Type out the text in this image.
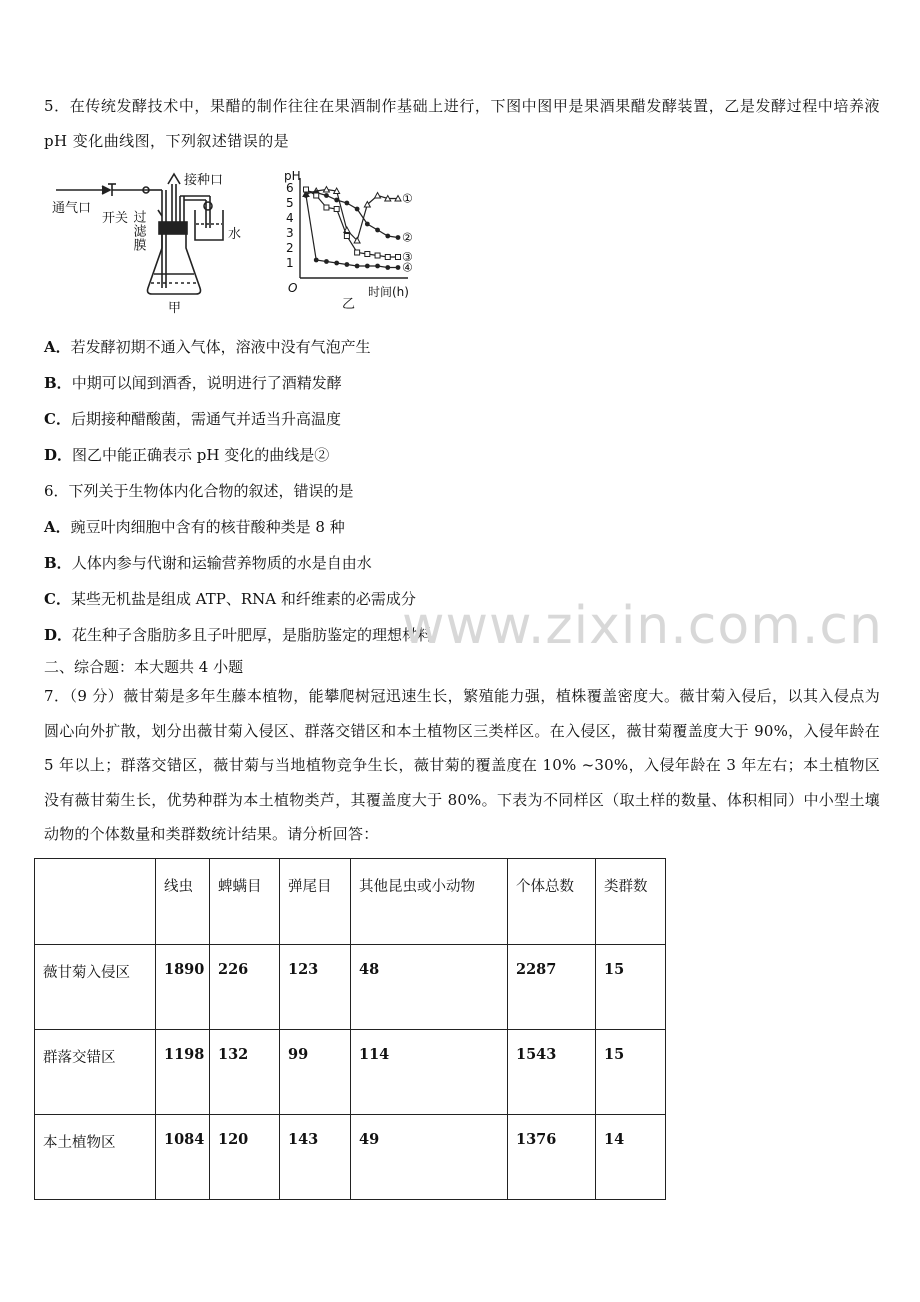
5．在传统发酵技术中，果醋的制作往往在果酒制作基础上进行，下图中图甲是果酒果醋发酵装置，乙是发酵过程中培养液 pH 变化曲线图，下列叙述错误的是
通气口
开关 过滤膜
接种口
水
甲
pH
O
1
2
3
4
5
6
时间(h)
乙
①
②
③
④
A．若发酵初期不通入气体，溶液中没有气泡产生
B．中期可以闻到酒香，说明进行了酒精发酵
C．后期接种醋酸菌，需通气并适当升高温度
D．图乙中能正确表示 pH 变化的曲线是②
6．下列关于生物体内化合物的叙述，错误的是
A．豌豆叶肉细胞中含有的核苷酸种类是 8 种
B．人体内参与代谢和运输营养物质的水是自由水
C．某些无机盐是组成 ATP、RNA 和纤维素的必需成分
D．花生种子含脂肪多且子叶肥厚，是脂肪鉴定的理想材料
www.zixin.com.cn
二、综合题：本大题共 4 小题
7．（9 分）薇甘菊是多年生藤本植物，能攀爬树冠迅速生长，繁殖能力强，植株覆盖密度大。薇甘菊入侵后，以其入侵点为圆心向外扩散，划分出薇甘菊入侵区、群落交错区和本土植物区三类样区。在入侵区，薇甘菊覆盖度大于 90%，入侵年龄在 5 年以上；群落交错区，薇甘菊与当地植物竞争生长，薇甘菊的覆盖度在 10% ~30%，入侵年龄在 3 年左右；本土植物区没有薇甘菊生长，优势种群为本土植物类芦，其覆盖度大于 80%。下表为不同样区（取土样的数量、体积相同）中小型土壤动物的个体数量和类群数统计结果。请分析回答：
	线虫	蜱螨目	弹尾目	其他昆虫或小动物	个体总数	类群数
薇甘菊入侵区	1890	226	123	48	2287	15
群落交错区	1198	132	99	114	1543	15
本土植物区	1084	120	143	49	1376	14
